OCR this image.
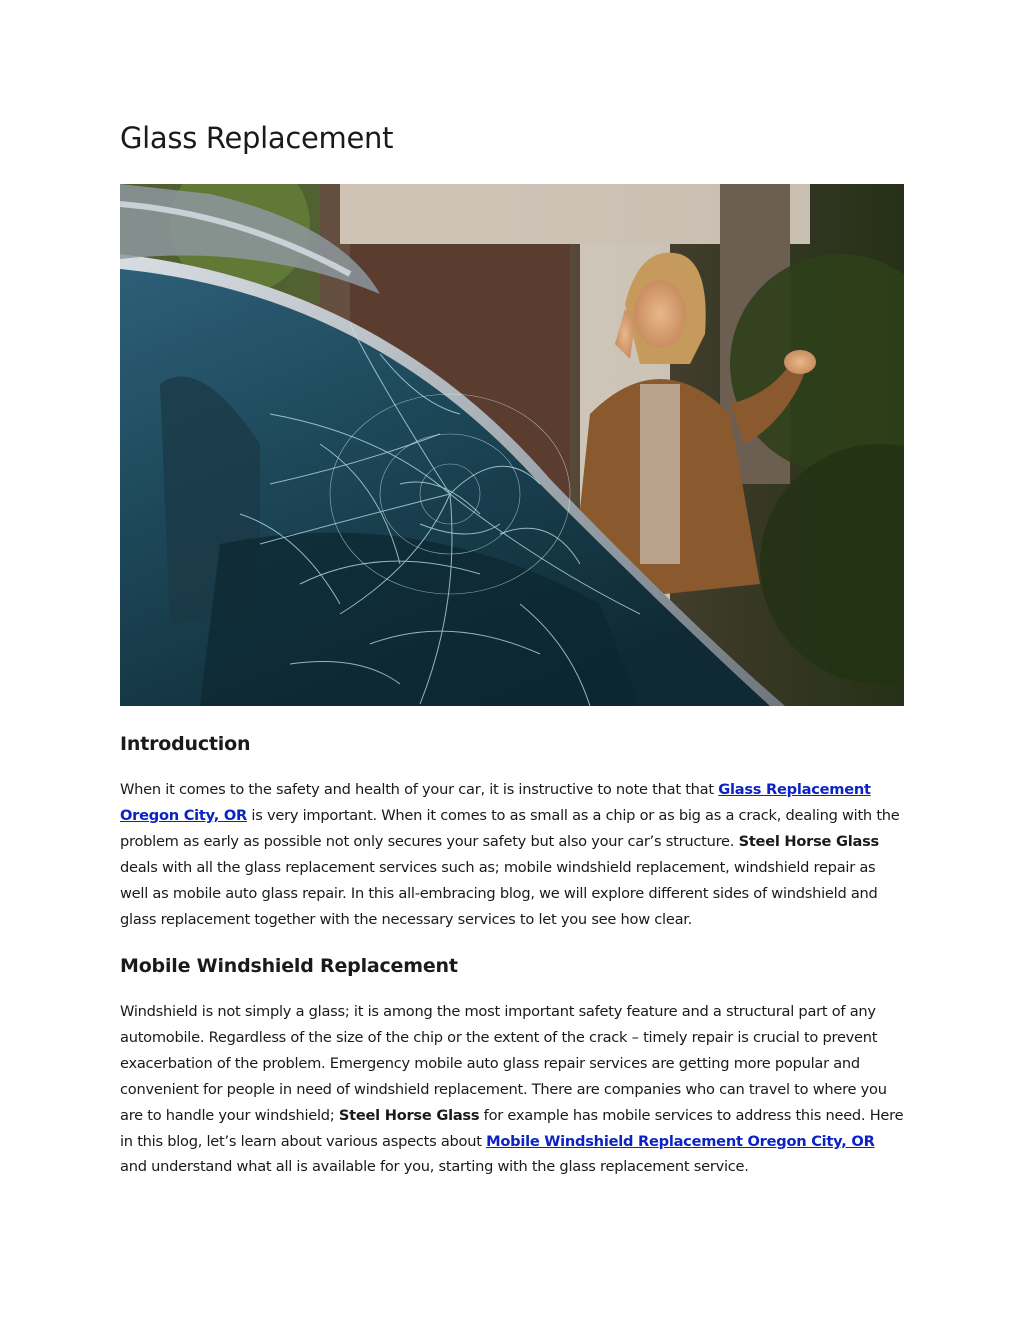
Glass Replacement
Introduction

When it comes to the safety and health of your car, it is instructive to note that that Glass Replacement Oregon City, OR is very important. When it comes to as small as a chip or as big as a crack, dealing with the problem as early as possible not only secures your safety but also your car’s structure. Steel Horse Glass deals with all the glass replacement services such as; mobile windshield replacement, windshield repair as well as mobile auto glass repair. In this all-embracing blog, we will explore different sides of windshield and glass replacement together with the necessary services to let you see how clear.

Mobile Windshield Replacement

Windshield is not simply a glass; it is among the most important safety feature and a structural part of any automobile. Regardless of the size of the chip or the extent of the crack – timely repair is crucial to prevent exacerbation of the problem. Emergency mobile auto glass repair services are getting more popular and convenient for people in need of windshield replacement. There are companies who can travel to where you are to handle your windshield; Steel Horse Glass for example has mobile services to address this need. Here in this blog, let’s learn about various aspects about Mobile Windshield Replacement Oregon City, OR and understand what all is available for you, starting with the glass replacement service.
